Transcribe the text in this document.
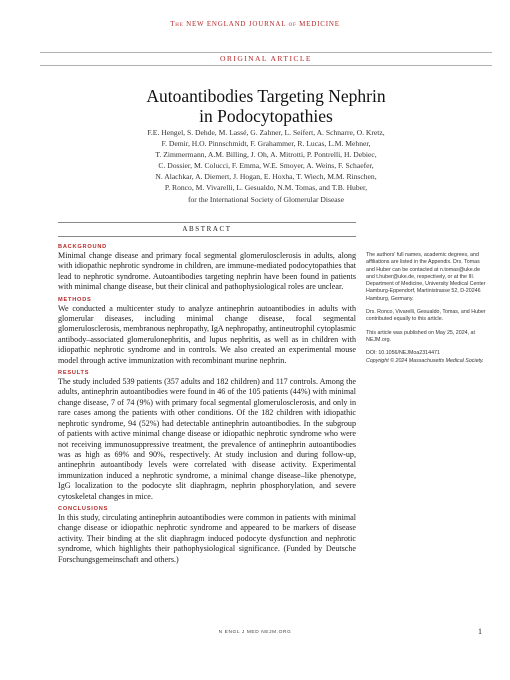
The NEW ENGLAND JOURNAL of MEDICINE
ORIGINAL ARTICLE
Autoantibodies Targeting Nephrin
in Podocytopathies
F.E. Hengel, S. Dehde, M. Lassé, G. Zahner, L. Seifert, A. Schnarre, O. Kretz,
F. Demir, H.O. Pinnschmidt, F. Grahammer, R. Lucas, L.M. Mehner,
T. Zimmermann, A.M. Billing, J. Oh, A. Mitrotti, P. Pontrelli, H. Debiec,
C. Dossier, M. Colucci, F. Emma, W.E. Smoyer, A. Weins, F. Schaefer,
N. Alachkar, A. Diemert, J. Hogan, E. Hoxha, T. Wiech, M.M. Rinschen,
P. Ronco, M. Vivarelli, L. Gesualdo, N.M. Tomas, and T.B. Huber,
for the International Society of Glomerular Disease
ABSTRACT
BACKGROUND

Minimal change disease and primary focal segmental glomerulosclerosis in adults, along with idiopathic nephrotic syndrome in children, are immune-mediated podocytopathies that lead to nephrotic syndrome. Autoantibodies targeting nephrin have been found in patients with minimal change disease, but their clinical and pathophysiological roles are unclear.

METHODS

We conducted a multicenter study to analyze antinephrin autoantibodies in adults with glomerular diseases, including minimal change disease, focal segmental glomerulosclerosis, membranous nephropathy, IgA nephropathy, antineutrophil cytoplasmic antibody–associated glomerulonephritis, and lupus nephritis, as well as in children with idiopathic nephrotic syndrome and in controls. We also created an experimental mouse model through active immunization with recombinant murine nephrin.

RESULTS

The study included 539 patients (357 adults and 182 children) and 117 controls. Among the adults, antinephrin autoantibodies were found in 46 of the 105 patients (44%) with minimal change disease, 7 of 74 (9%) with primary focal segmental glomerulosclerosis, and only in rare cases among the patients with other conditions. Of the 182 children with idiopathic nephrotic syndrome, 94 (52%) had detectable antinephrin autoantibodies. In the subgroup of patients with active minimal change disease or idiopathic nephrotic syndrome who were not receiving immunosuppressive treatment, the prevalence of antinephrin autoantibodies was as high as 69% and 90%, respectively. At study inclusion and during follow-up, antinephrin autoantibody levels were correlated with disease activity. Experimental immunization induced a nephrotic syndrome, a minimal change disease–like phenotype, IgG localization to the podocyte slit diaphragm, nephrin phosphorylation, and severe cytoskeletal changes in mice.

CONCLUSIONS

In this study, circulating antinephrin autoantibodies were common in patients with minimal change disease or idiopathic nephrotic syndrome and appeared to be markers of disease activity. Their binding at the slit diaphragm induced podocyte dysfunction and nephrotic syndrome, which highlights their pathophysiological significance. (Funded by Deutsche Forschungsgemeinschaft and others.)

The authors' full names, academic degrees, and affiliations are listed in the Appendix. Drs. Tomas and Huber can be contacted at n.tomas@uke.de and t.huber@uke.de, respectively, or at the III. Department of Medicine, University Medical Center Hamburg-Eppendorf, Martinistrasse 52, D-20246 Hamburg, Germany.

Drs. Ronco, Vivarelli, Gesualdo, Tomas, and Huber contributed equally to this article.

This article was published on May 25, 2024, at NEJM.org.

DOI: 10.1056/NEJMoa2314471
Copyright © 2024 Massachusetts Medical Society.
N ENGL J MED NEJM.ORG	1
